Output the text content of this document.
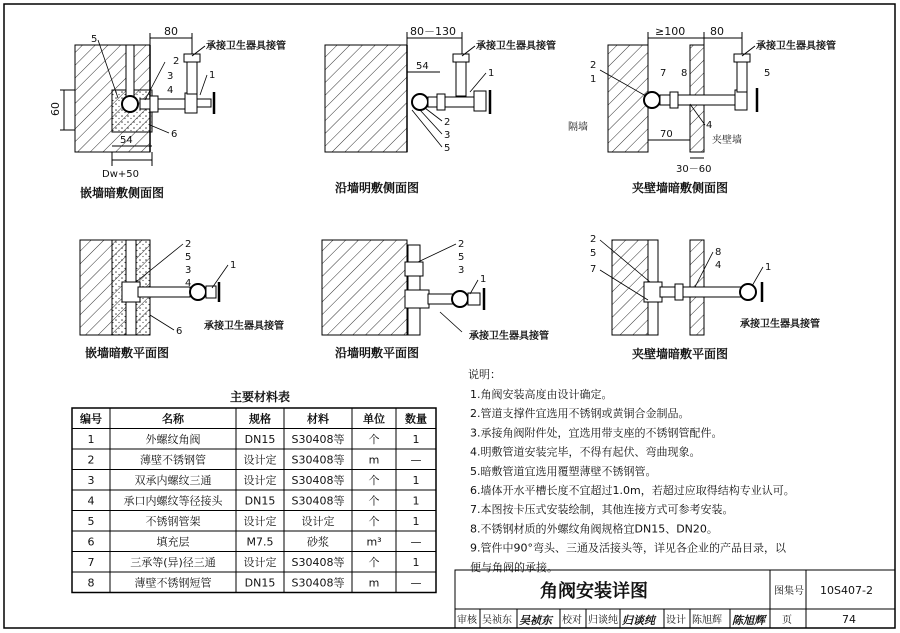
80
60
54
Dw+50
承接卫生器具接管
5
2
3
4
1
6
嵌墙暗敷侧面图
80－130
54
承接卫生器具接管
1
2
3
5
沿墙明敷侧面图
≥100 80
70
30－60
承接卫生器具接管
2
1
7 8	5
4
隔墙
夹壁墙
夹壁墙暗敷侧面图
2
5
3
4
1
6 承接卫生器具接管
嵌墙暗敷平面图
2
5
3
1
承接卫生器具接管
沿墙明敷平面图
2
5
7
8
4	1
承接卫生器具接管
夹壁墙暗敷平面图
主要材料表
编号	名称	规格	材料	单位 数量
1	外螺纹角阀	DN15 S30408等 个	1
2	薄壁不锈钢管	设计定 S30408等 m	—
3	双承内螺纹三通	设计定 S30408等 个	1
4	承口内螺纹等径接头 DN15 S30408等 个	1
5	不锈钢管架	设计定 设计定	个	1
6	填充层	M7.5	砂浆	m³	—
7	三承等(异)径三通	设计定 S30408等 个	1
8	薄壁不锈钢短管	DN15 S30408等 m	—
说明：
1.角阀安装高度由设计确定。
2.管道支撑件宜选用不锈钢或黄铜合金制品。
3.承接角阀附件处，宜选用带支座的不锈钢管配件。
4.明敷管道安装完毕，不得有起伏、弯曲现象。
5.暗敷管道宜选用覆塑薄壁不锈钢管。
6.墙体开水平槽长度不宜超过1.0m，若超过应取得结构专业认可。
7.本图按卡压式安装绘制，其他连接方式可参考安装。
8.不锈钢材质的外螺纹角阀规格宜DN15、DN20。
9.管件中90°弯头、三通及活接头等，详见各企业的产品目录，以
便与角阀的承接。
角阀安装详图	图集号 10S407-2
审核 吴祯东 吴祯东 校对 归谈纯 归谈纯 设计 陈旭辉 陈旭辉 页	74
